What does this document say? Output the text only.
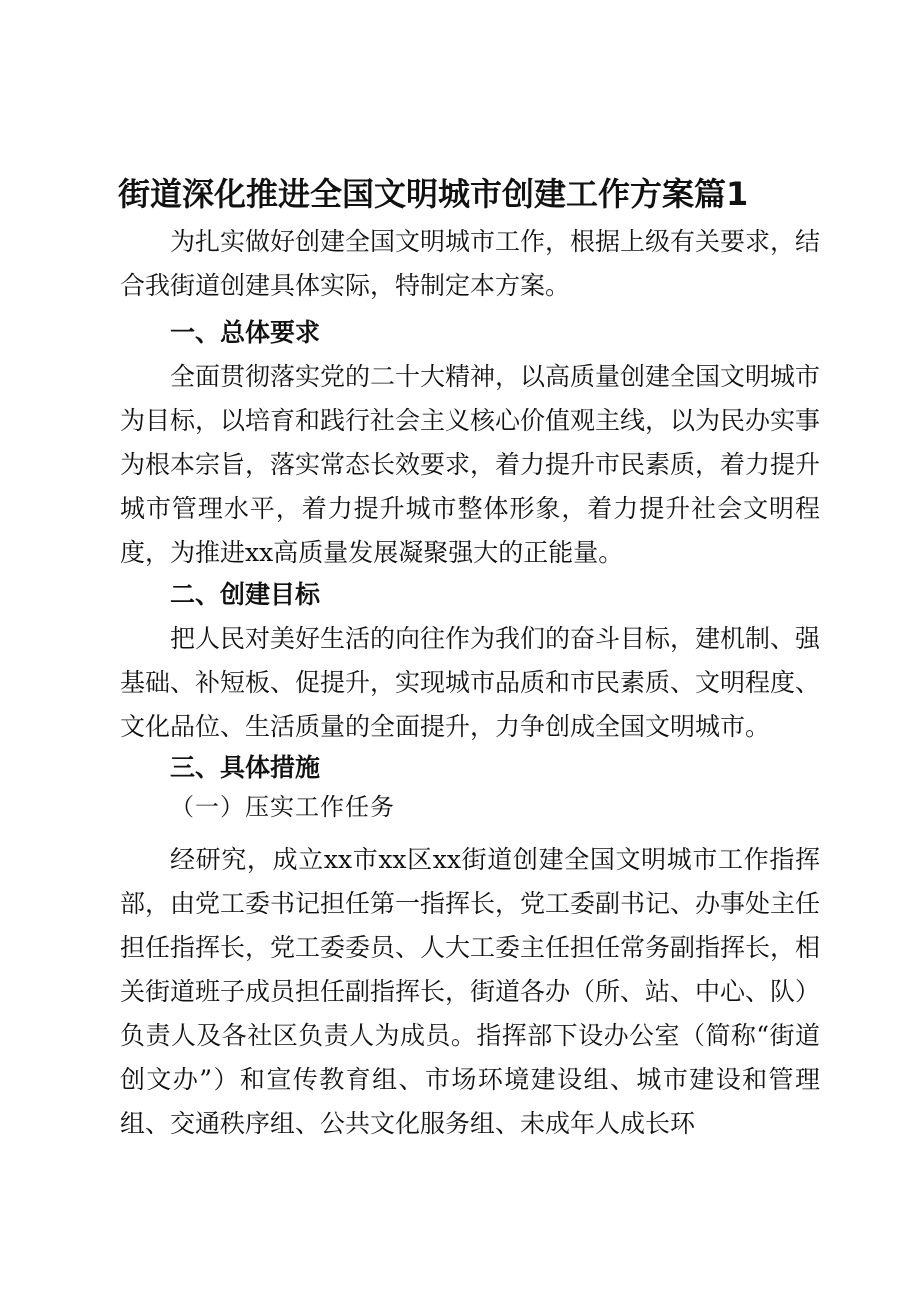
街道深化推进全国文明城市创建工作方案篇1

为扎实做好创建全国文明城市工作，根据上级有关要求，结合我街道创建具体实际，特制定本方案。

一、总体要求

全面贯彻落实党的二十大精神，以高质量创建全国文明城市为目标，以培育和践行社会主义核心价值观主线，以为民办实事为根本宗旨，落实常态长效要求，着力提升市民素质，着力提升城市管理水平，着力提升城市整体形象，着力提升社会文明程度，为推进xx高质量发展凝聚强大的正能量。

二、创建目标

把人民对美好生活的向往作为我们的奋斗目标，建机制、强基础、补短板、促提升，实现城市品质和市民素质、文明程度、文化品位、生活质量的全面提升，力争创成全国文明城市。

三、具体措施
（一）压实工作任务

经研究，成立xx市xx区xx街道创建全国文明城市工作指挥部，由党工委书记担任第一指挥长，党工委副书记、办事处主任担任指挥长，党工委委员、人大工委主任担任常务副指挥长，相关街道班子成员担任副指挥长，街道各办（所、站、中心、队）负责人及各社区负责人为成员。指挥部下设办公室（简称“街道创文办”）和宣传教育组、市场环境建设组、城市建设和管理组、交通秩序组、公共文化服务组、未成年人成长环
